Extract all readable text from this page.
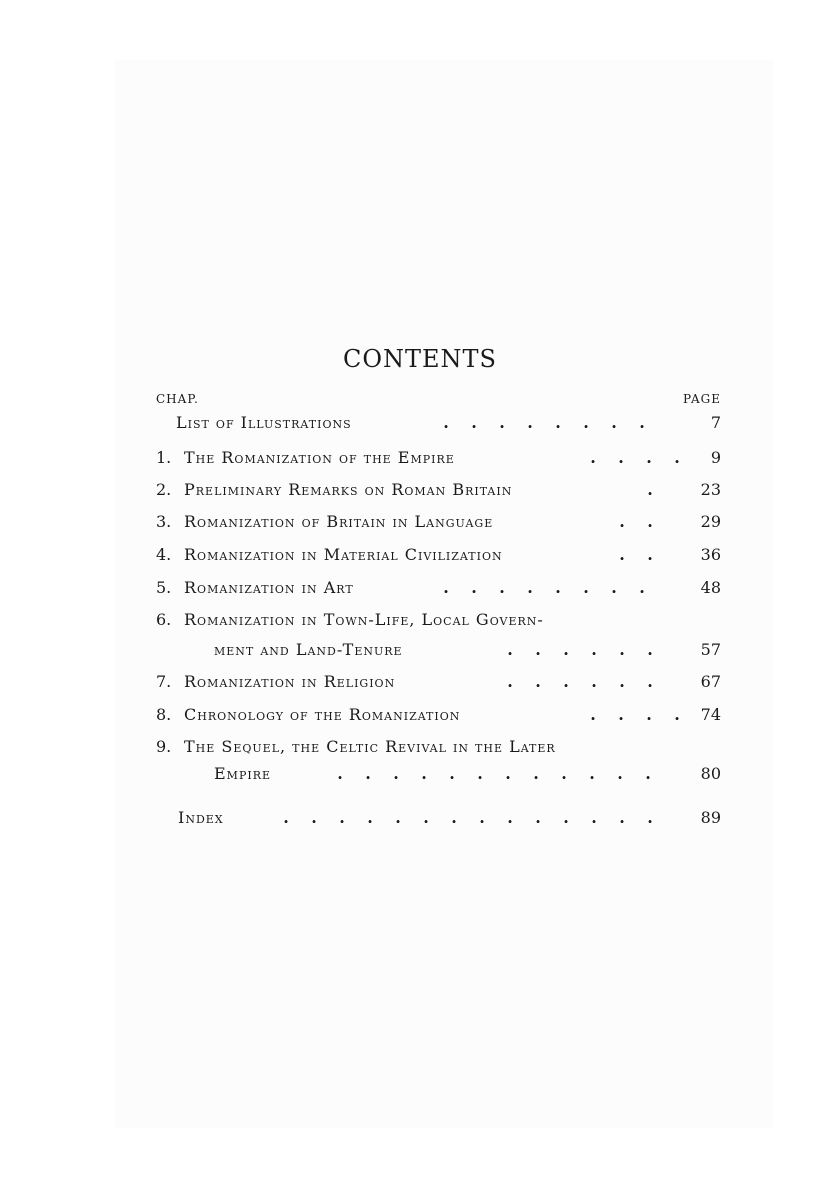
CONTENTS
CHAP.	PAGE
List of Illustrations	. . . . . . . .	7
1. The Romanization of the Empire	. . . .	9
2. Preliminary Remarks on Roman Britain	.	23
3. Romanization of Britain in Language	. .	29
4. Romanization in Material Civilization	. .	36
5. Romanization in Art	. . . . . . . .	48
6. Romanization in Town-Life, Local Govern-
ment and Land-Tenure	. . . . . .	57
7. Romanization in Religion	. . . . . .	67
8. Chronology of the Romanization	. . . .	74
9. The Sequel, the Celtic Revival in the Later
Empire	. . . . . . . . . . . .	80
Index	. . . . . . . . . . . . . .	89
